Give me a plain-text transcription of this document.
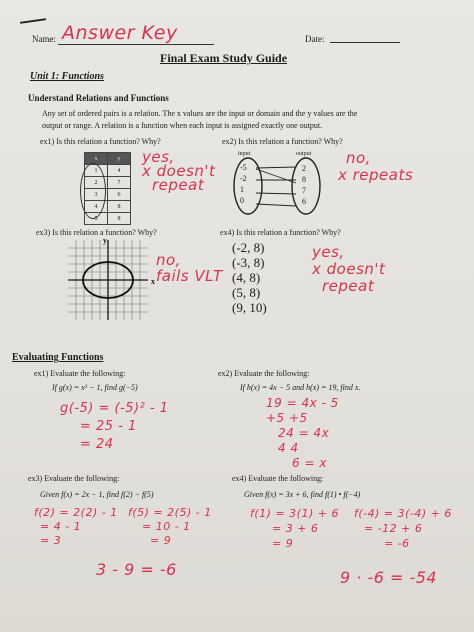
Name: Answer Key	Date:
Final Exam Study Guide
Unit 1: Functions
Understand Relations and Functions
Any set of ordered pairs is a relation. The x values are the input or domain and the y values are the
output or range. A relation is a function when each input is assigned exactly one output.
ex1) Is this relation a function? Why?
x	y
1	4
2	7
3	6
4	8
5	8
yes,
x doesn't
repeat
ex2) Is this relation a function? Why?
input	output
-5
-2
1
0
2
8
7
6
no,
x repeats
ex3) Is this relation a function? Why?
y
x
no,
fails VLT
ex4) Is this relation a function? Why?
(-2, 8)
(-3, 8)
(4, 8)
(5, 8)
(9, 10)
yes,
x doesn't
repeat
Evaluating Functions
ex1) Evaluate the following:
If g(x) = x² − 1, find g(−5)
g(-5) = (-5)² - 1
= 25 - 1
= 24
ex2) Evaluate the following:
If h(x) = 4x − 5 and h(x) = 19, find x.
19 = 4x - 5
+5 +5
24 = 4x
4 4
6 = x
ex3) Evaluate the following:
Given f(x) = 2x − 1, find f(2) − f(5)
f(2) = 2(2) - 1
= 4 - 1
= 3
f(5) = 2(5) - 1
= 10 - 1
= 9
3 - 9 = -6
ex4) Evaluate the following:
Given f(x) = 3x + 6, find f(1) • f(−4)
f(1) = 3(1) + 6
= 3 + 6
= 9
f(-4) = 3(-4) + 6
= -12 + 6
= -6
9 · -6 = -54
